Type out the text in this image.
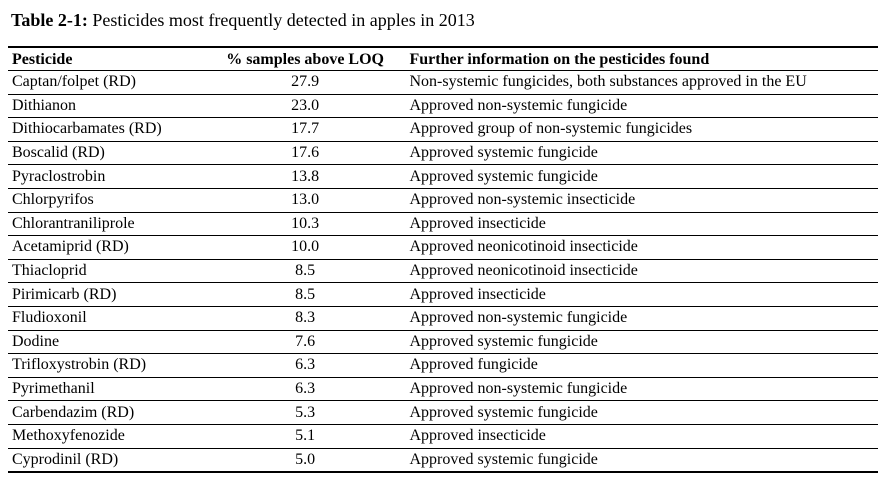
Table 2-1: Pesticides most frequently detected in apples in 2013
Pesticide	% samples above LOQ	Further information on the pesticides found
Captan/folpet (RD)	27.9	Non-systemic fungicides, both substances approved in the EU
Dithianon	23.0	Approved non-systemic fungicide
Dithiocarbamates (RD)	17.7	Approved group of non-systemic fungicides
Boscalid (RD)	17.6	Approved systemic fungicide
Pyraclostrobin	13.8	Approved systemic fungicide
Chlorpyrifos	13.0	Approved non-systemic insecticide
Chlorantraniliprole	10.3	Approved insecticide
Acetamiprid (RD)	10.0	Approved neonicotinoid insecticide
Thiacloprid	8.5	Approved neonicotinoid insecticide
Pirimicarb (RD)	8.5	Approved insecticide
Fludioxonil	8.3	Approved non-systemic fungicide
Dodine	7.6	Approved systemic fungicide
Trifloxystrobin (RD)	6.3	Approved fungicide
Pyrimethanil	6.3	Approved non-systemic fungicide
Carbendazim (RD)	5.3	Approved systemic fungicide
Methoxyfenozide	5.1	Approved insecticide
Cyprodinil (RD)	5.0	Approved systemic fungicide
